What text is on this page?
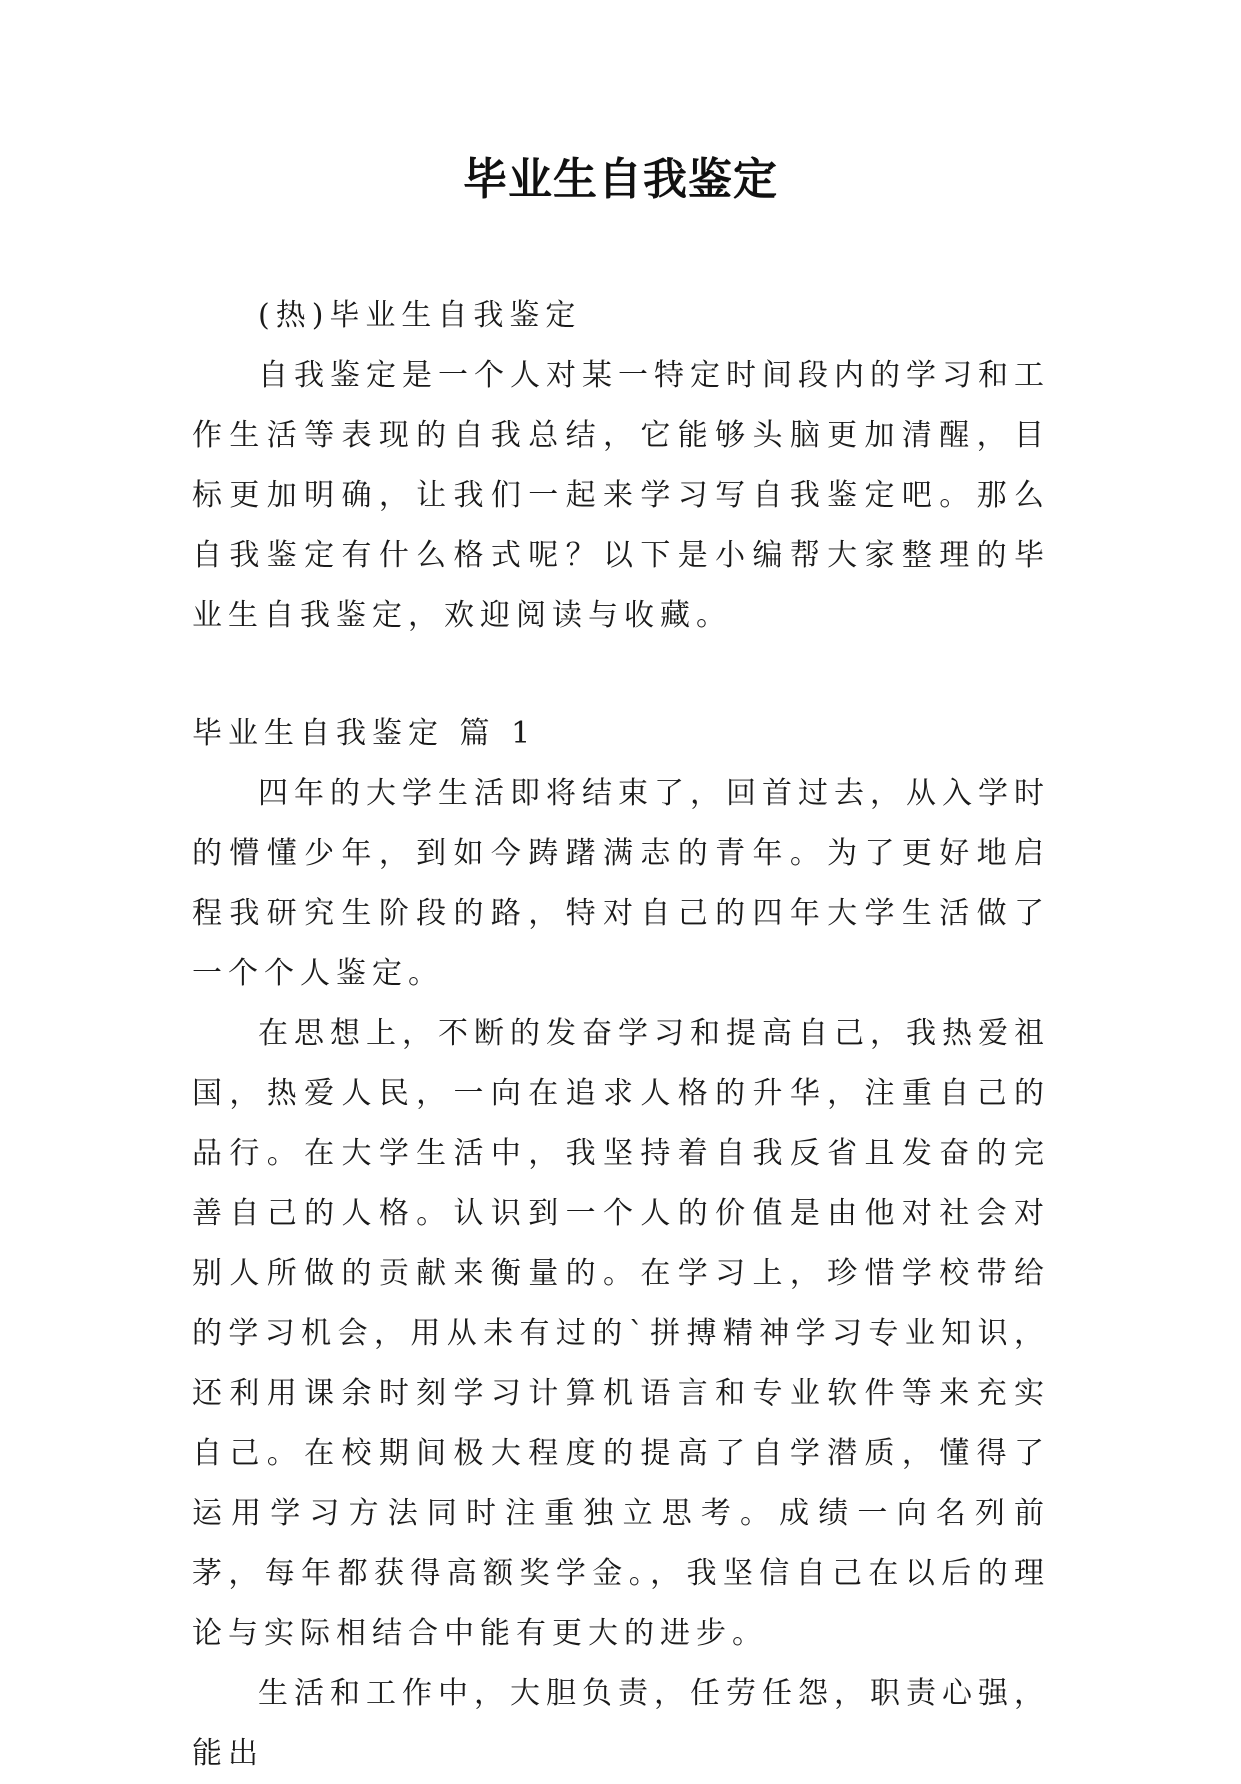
毕业生自我鉴定

(热)毕业生自我鉴定

自我鉴定是一个人对某一特定时间段内的学习和工作生活等表现的自我总结，它能够头脑更加清醒，目标更加明确，让我们一起来学习写自我鉴定吧。那么自我鉴定有什么格式呢？以下是小编帮大家整理的毕业生自我鉴定，欢迎阅读与收藏。

毕业生自我鉴定 篇 1

四年的大学生活即将结束了，回首过去，从入学时的懵懂少年，到如今踌躇满志的青年。为了更好地启程我研究生阶段的路，特对自己的四年大学生活做了一个个人鉴定。

在思想上，不断的发奋学习和提高自己，我热爱祖国，热爱人民，一向在追求人格的升华，注重自己的品行。在大学生活中，我坚持着自我反省且发奋的完善自己的人格。认识到一个人的价值是由他对社会对别人所做的贡献来衡量的。在学习上，珍惜学校带给的学习机会，用从未有过的`拼搏精神学习专业知识，还利用课余时刻学习计算机语言和专业软件等来充实自己。在校期间极大程度的提高了自学潜质，懂得了运用学习方法同时注重独立思考。成绩一向名列前茅，每年都获得高额奖学金。，我坚信自己在以后的理论与实际相结合中能有更大的进步。

生活和工作中，大胆负责，任劳任怨，职责心强，能出
